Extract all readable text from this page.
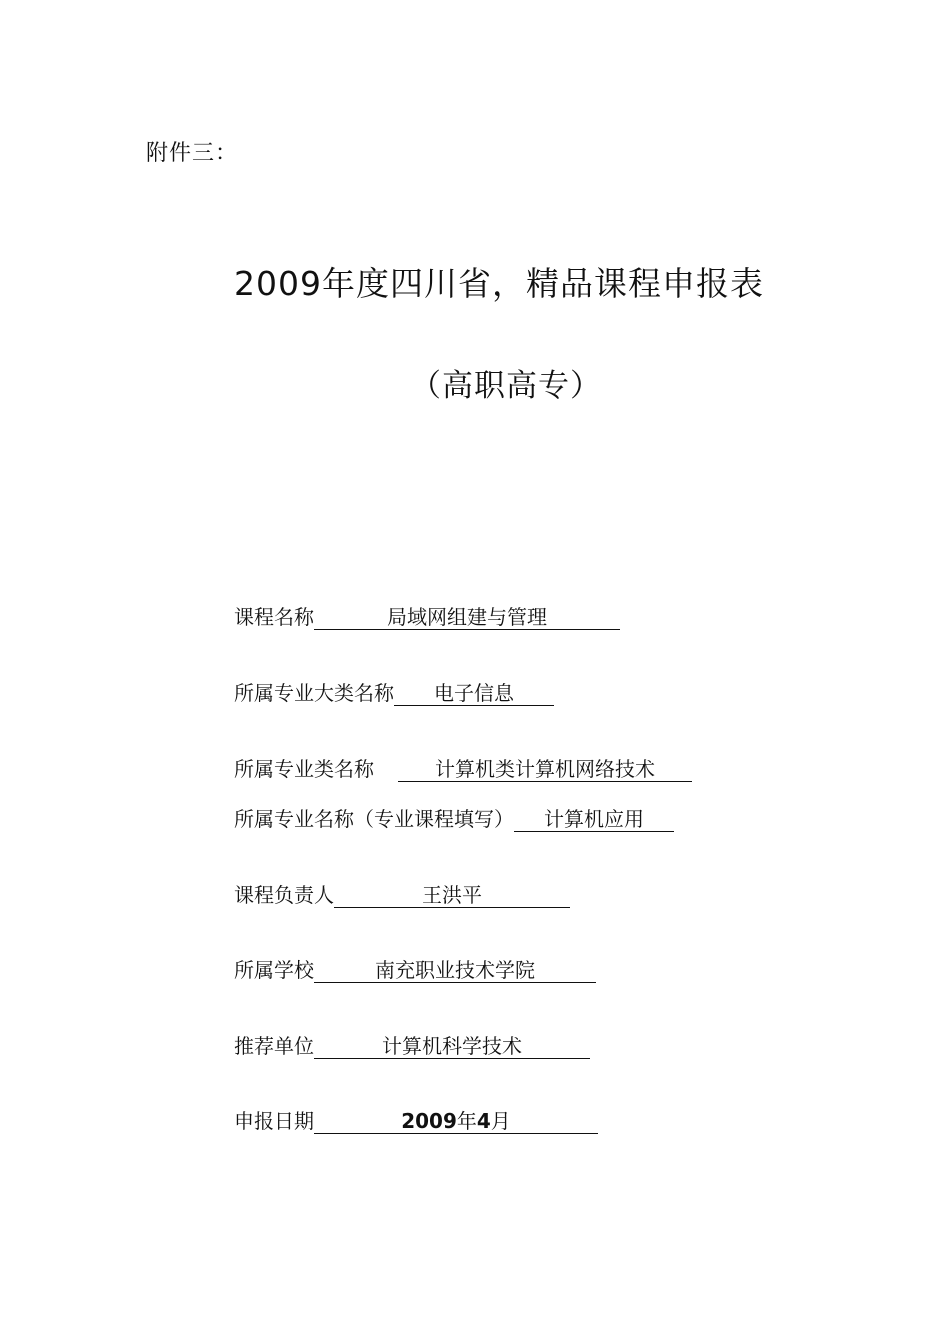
附件三：
2009年度四川省，精品课程申报表
（高职高专）
课程名称	局域网组建与管理
所属专业大类名称 电子信息
所属专业类名称	计算机类计算机网络技术
所属专业名称（专业课程填写） 计算机应用
课程负责人	王洪平
所属学校	南充职业技术学院
推荐单位	计算机科学技术
申报日期	2009年4月
